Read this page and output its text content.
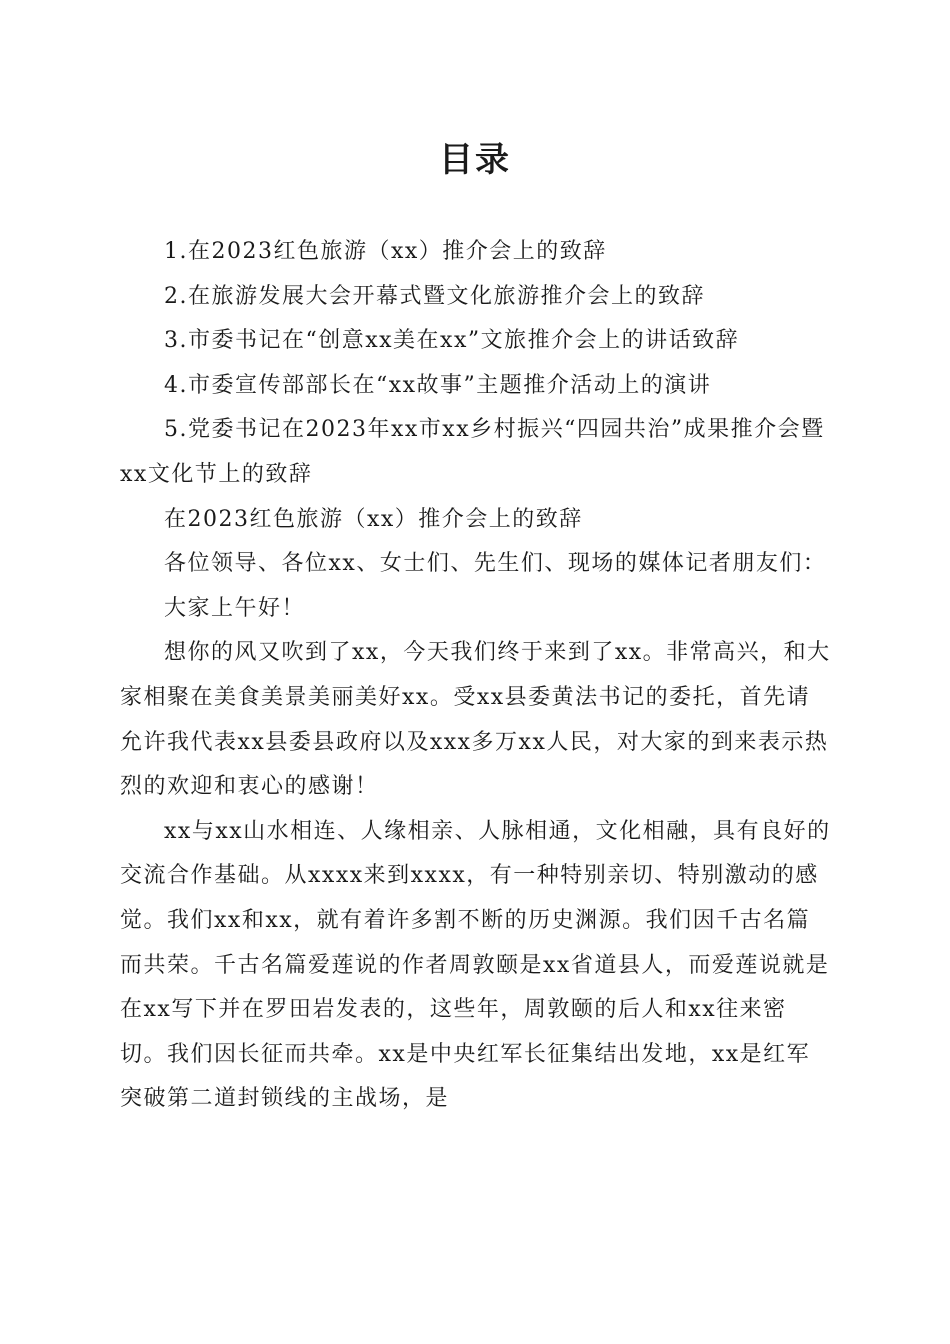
目录

1.在2023红色旅游（xx）推介会上的致辞

2.在旅游发展大会开幕式暨文化旅游推介会上的致辞

3.市委书记在“创意xx美在xx”文旅推介会上的讲话致辞

4.市委宣传部部长在“xx故事”主题推介活动上的演讲

5.党委书记在2023年xx市xx乡村振兴“四园共治”成果推介会暨xx文化节上的致辞

在2023红色旅游（xx）推介会上的致辞

各位领导、各位xx、女士们、先生们、现场的媒体记者朋友们：

大家上午好！

想你的风又吹到了xx，今天我们终于来到了xx。非常高兴，和大家相聚在美食美景美丽美好xx。受xx县委黄法书记的委托，首先请允许我代表xx县委县政府以及xxx多万xx人民，对大家的到来表示热烈的欢迎和衷心的感谢！

xx与xx山水相连、人缘相亲、人脉相通，文化相融，具有良好的交流合作基础。从xxxx来到xxxx，有一种特别亲切、特别激动的感觉。我们xx和xx，就有着许多割不断的历史渊源。我们因千古名篇而共荣。千古名篇爱莲说的作者周敦颐是xx省道县人，而爱莲说就是在xx写下并在罗田岩发表的，这些年，周敦颐的后人和xx往来密切。我们因长征而共牵。xx是中央红军长征集结出发地，xx是红军突破第二道封锁线的主战场，是
